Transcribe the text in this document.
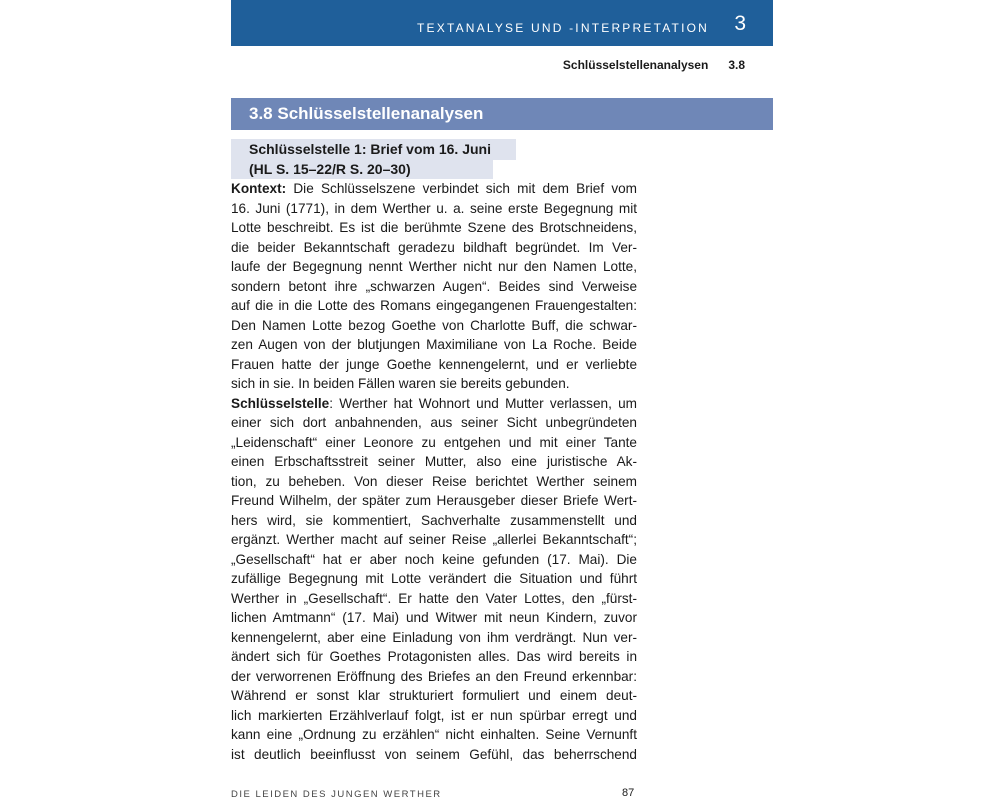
TEXTANALYSE UND -INTERPRETATION 3
Schlüsselstellenanalysen 3.8
3.8 Schlüsselstellenanalysen
Schlüsselstelle 1: Brief vom 16. Juni
(HL S. 15–22/R S. 20–30)
Kontext: Die Schlüsselszene verbindet sich mit dem Brief vom
16. Juni (1771), in dem Werther u. a. seine erste Begegnung mit
Lotte beschreibt. Es ist die berühmte Szene des Brotschneidens,
die beider Bekanntschaft geradezu bildhaft begründet. Im Ver-
laufe der Begegnung nennt Werther nicht nur den Namen Lotte,
sondern betont ihre „schwarzen Augen“. Beides sind Verweise
auf die in die Lotte des Romans eingegangenen Frauengestalten:
Den Namen Lotte bezog Goethe von Charlotte Buff, die schwar-
zen Augen von der blutjungen Maximiliane von La Roche. Beide
Frauen hatte der junge Goethe kennengelernt, und er verliebte
sich in sie. In beiden Fällen waren sie bereits gebunden.
Schlüsselstelle: Werther hat Wohnort und Mutter verlassen, um
einer sich dort anbahnenden, aus seiner Sicht unbegründeten
„Leidenschaft“ einer Leonore zu entgehen und mit einer Tante
einen Erbschaftsstreit seiner Mutter, also eine juristische Ak-
tion, zu beheben. Von dieser Reise berichtet Werther seinem
Freund Wilhelm, der später zum Herausgeber dieser Briefe Wert-
hers wird, sie kommentiert, Sachverhalte zusammenstellt und
ergänzt. Werther macht auf seiner Reise „allerlei Bekanntschaft“;
„Gesellschaft“ hat er aber noch keine gefunden (17. Mai). Die
zufällige Begegnung mit Lotte verändert die Situation und führt
Werther in „Gesellschaft“. Er hatte den Vater Lottes, den „fürst-
lichen Amtmann“ (17. Mai) und Witwer mit neun Kindern, zuvor
kennengelernt, aber eine Einladung von ihm verdrängt. Nun ver-
ändert sich für Goethes Protagonisten alles. Das wird bereits in
der verworrenen Eröffnung des Briefes an den Freund erkennbar:
Während er sonst klar strukturiert formuliert und einem deut-
lich markierten Erzählverlauf folgt, ist er nun spürbar erregt und
kann eine „Ordnung zu erzählen“ nicht einhalten. Seine Vernunft
ist deutlich beeinflusst von seinem Gefühl, das beherrschend
DIE LEIDEN DES JUNGEN WERTHER	87
